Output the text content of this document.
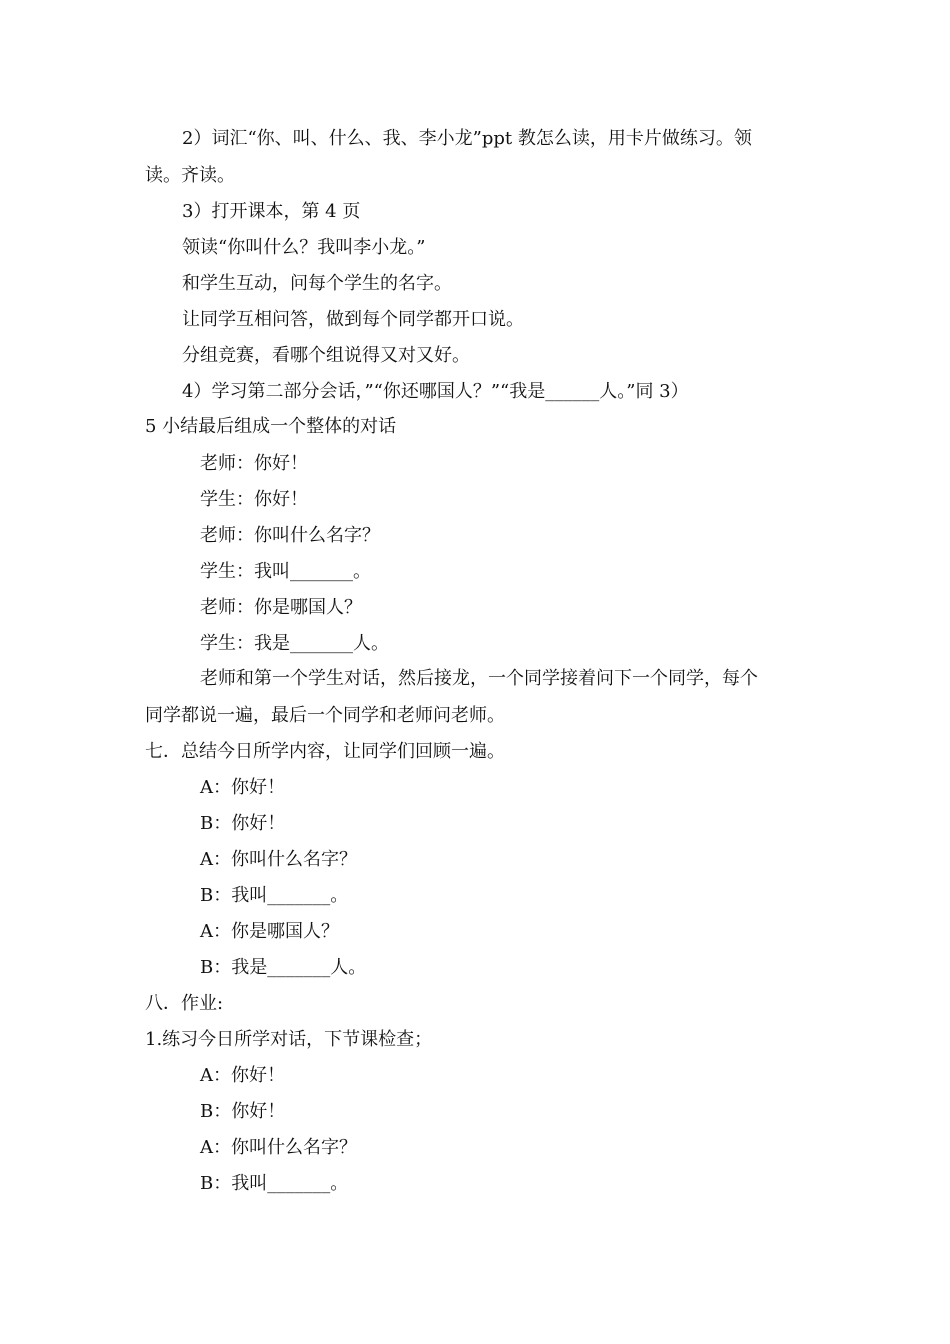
2）词汇“你、叫、什么、我、李小龙”ppt 教怎么读，用卡片做练习。领
读。齐读。
3）打开课本，第 4 页
领读“你叫什么？我叫李小龙。”
和学生互动，问每个学生的名字。
让同学互相问答，做到每个同学都开口说。
分组竞赛，看哪个组说得又对又好。
4）学习第二部分会话，”“你还哪国人？”“我是______人。”同 3）
5 小结最后组成一个整体的对话
老师：你好！
学生：你好！
老师：你叫什么名字？
学生：我叫_______。
老师：你是哪国人？
学生：我是_______人。
老师和第一个学生对话，然后接龙，一个同学接着问下一个同学，每个
同学都说一遍，最后一个同学和老师问老师。
七．总结今日所学内容，让同学们回顾一遍。
A：你好！
B：你好！
A：你叫什么名字？
B：我叫_______。
A：你是哪国人？
B：我是_______人。
八．作业:
1.练习今日所学对话，下节课检查；
A：你好！
B：你好！
A：你叫什么名字？
B：我叫_______。
